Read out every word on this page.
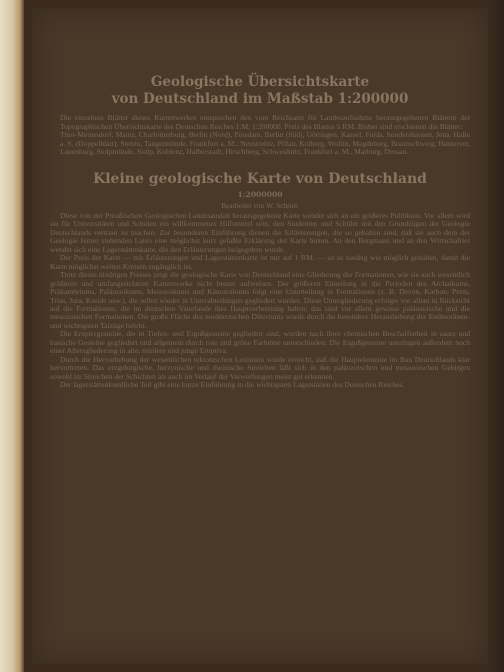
Geologische Übersichtskarte
von Deutschland im Maßstab 1:200000
Die einzelnen Blätter dieses Kartenwerkes entsprechen den vom Reichsamt für Landesaufnahme herausgegebenen Blättern der Topographischen Übersichtskarte des Deutschen Reiches 1:M. 1:200000. Preis des Blattes 5 RM. Bisher sind erschienen die Blätter:
Trier-Mettendorf, Mainz, Charlottenburg, Berlin (Nord), Potsdam, Berlin (Süd), Göttingen, Kassel, Fulda, Sondershausen, Jena, Halle a. S. (Doppelblatt), Stettin, Tangermünde, Frankfurt a. M., Neustrelitz, Pillau, Kolberg, Wollin, Magdeburg, Braunschweig, Hannover, Lauenburg, Stolpmünde, Stolp, Koblenz, Halberstadt, Hirschberg, Schweidnitz, Frankfurt a. M., Marburg, Dessau.
Kleine geologische Karte von Deutschland
1:2000000
Bearbeitet von W. Schriel.

Diese von der Preußischen Geologischen Landesanstalt herausgegebene Karte wendet sich an ein größeres Publikum. Vor allem wird sie für Universitäten und Schulen ein willkommenes Hilfsmittel sein, den Studenten und Schüler mit den Grundzügen der Geologie Deutschlands vertraut zu machen. Zur besonderen Einführung dienen die Erläuterungen, die so gehalten sind, daß sie auch dem der Geologie ferner stehenden Laien eine möglichst kurz gefaßte Erklärung der Karte bieten. An den Bergmann und an den Wirtschaftler wendet sich eine Lagerstättenkarte, die den Erläuterungen beigegeben wurde.

Der Preis der Karte — mit Erläuterungen und Lagerstättenkarte ist nur auf 1 RM. — ist so niedrig wie möglich gehalten, damit die Karte möglichst weiten Kreisen zugänglich ist.

Trotz dieses niedrigen Preises zeigt die geologische Karte von Deutschland eine Gliederung der Formationen, wie sie auch wesentlich größeren und umfangreicheren Kartenwerke nicht besser aufweisen. Der größeren Einteilung in die Perioden des Archaikums, Präkambriums, Paläozoikums, Mesozoikums und Känozoikums folgt eine Unterteilung in Formationen (z. B. Devon, Karbon, Perm, Trias, Jura, Kreide usw.), die selbst wieder in Unterabteilungen gegliedert wurden. Diese Untergliederung erfolgte vor allem in Rücksicht auf die Formationen, die im deutschen Vaterlande ihre Hauptverbreitung haben; das sind vor allem gewisse paläozoische und die mesozoischen Formationen. Die große Fläche des norddeutschen Diluviums wurde durch die besondere Heraushebung der Endmoränen- und wichtigsten Talzüge belebt.

Die Eruptivgesteine, die in Tiefen- und Ergußgesteine gegliedert sind, wurden nach ihrer chemischen Beschaffenheit in saure und basische Gesteine gegliedert und allgemein durch rote und grüne Farbtöne unterschieden. Die Ergußgesteine unterlagen außerdem noch einer Altersgliederung in alte, mittlere und junge Eruptiva.

Durch die Hervorhebung der wesentlichen tektonischen Leitlinien wurde erreicht, daß die Hauptelemente im Bau Deutschlands klar hervortreten. Das erzgebirgische, herzynische und rheinische Streichen läßt sich in den paläozoischen und mesozoischen Gebirgen sowohl im Streichen der Schichten als auch im Verlauf der Verwerfungen meist gut erkennen.

Der lagerstättenkundliche Teil gibt eine kurze Einführung in die wichtigsten Lagerstätten des Deutschen Reiches.
